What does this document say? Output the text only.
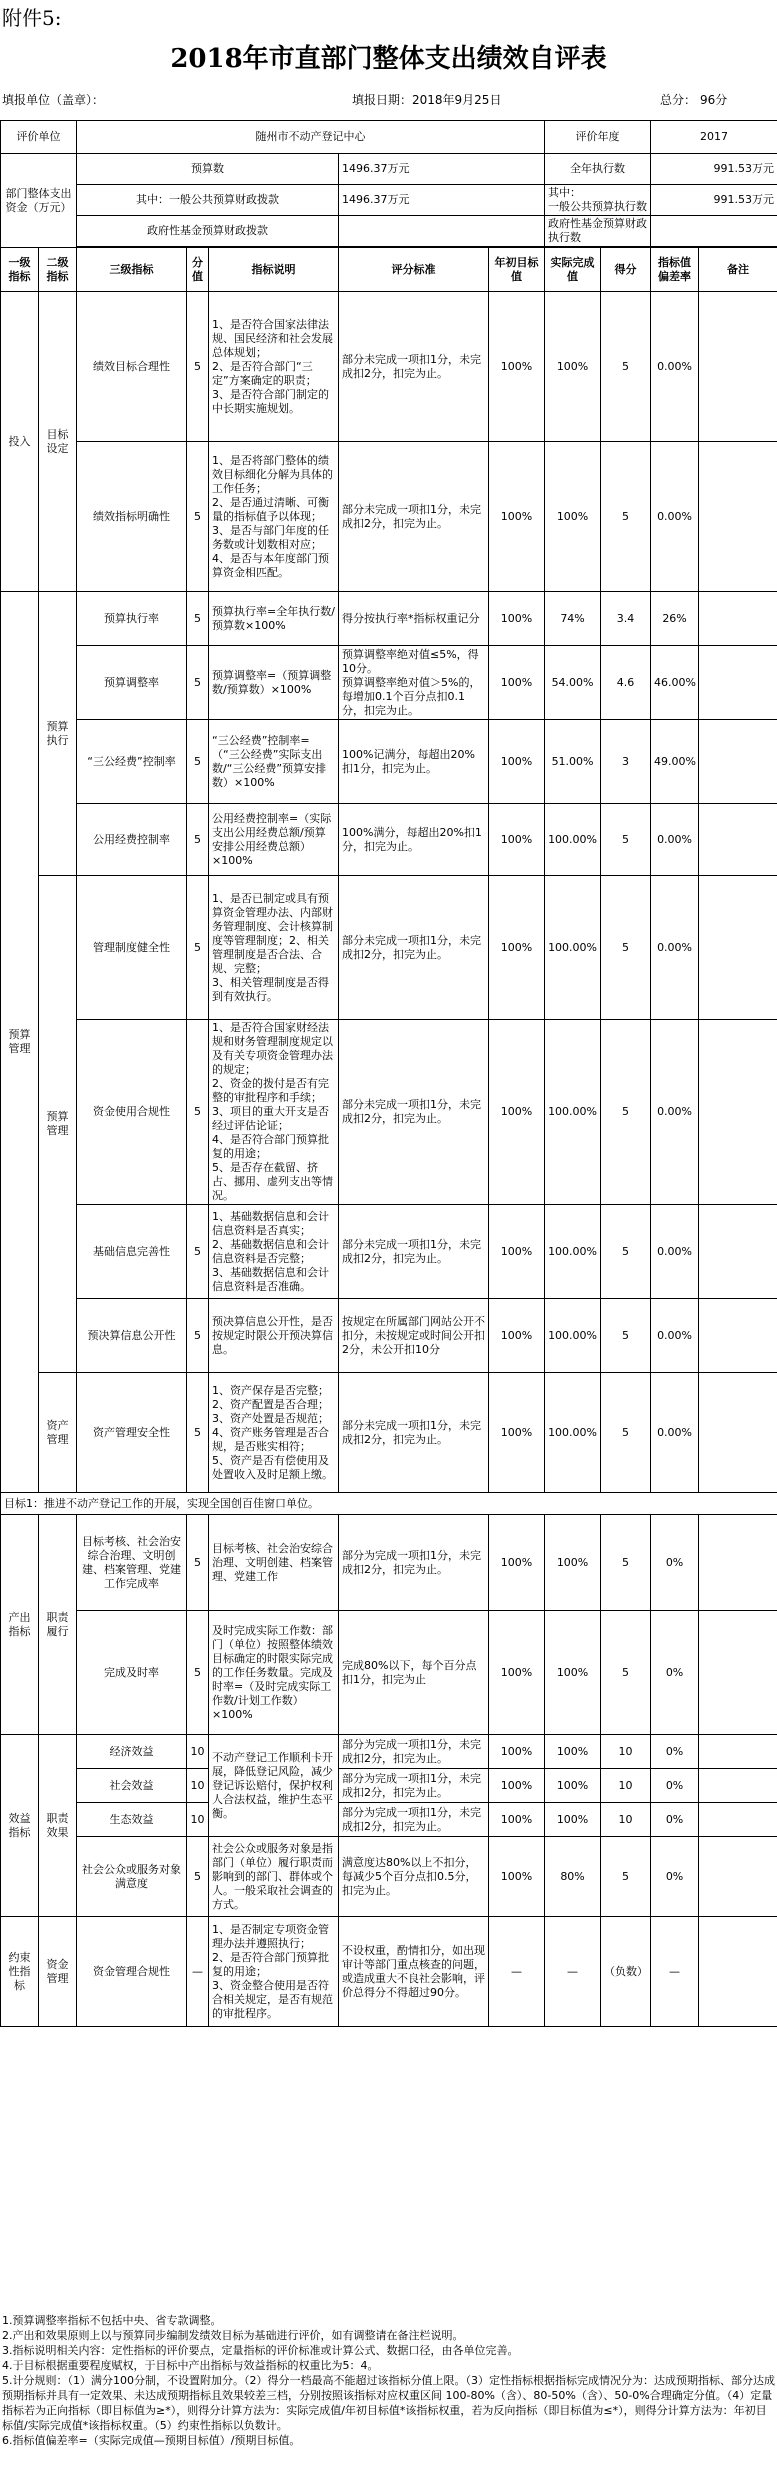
附件5:
2018年市直部门整体支出绩效自评表
填报单位（盖章）：	填报日期：2018年9月25日	总分： 96分
评价单位		随州市不动产登记中心					评价年度		2017	
部门整体支出资金（万元）		预算数			1496.37万元		全年执行数		991.53万元	
		其中：一般公共预算财政拨款			1496.37万元		其中：
一般公共预算执行数		991.53万元	
		政府性基金预算财政拨款					政府性基金预算财政执行数			

一级指标	二级指标	三级指标	分值	指标说明	评分标准	年初目标值	实际完成值	得分	指标值偏差率	备注
投入	目标设定	绩效目标合理性	5	1、是否符合国家法律法规、国民经济和社会发展总体规划；
2、是否符合部门“三定”方案确定的职责；
3、是否符合部门制定的中长期实施规划。	部分未完成一项扣1分，未完成扣2分，扣完为止。	100%	100%	5	0.00%	
		绩效指标明确性	5	1、是否将部门整体的绩效目标细化分解为具体的工作任务；
2、是否通过清晰、可衡量的指标值予以体现；
3、是否与部门年度的任务数或计划数相对应；
4、是否与本年度部门预算资金相匹配。	部分未完成一项扣1分，未完成扣2分，扣完为止。	100%	100%	5	0.00%	
预算管理	预算执行	预算执行率	5	预算执行率=全年执行数/预算数×100%	得分按执行率*指标权重记分	100%	74%	3.4	26%	
		预算调整率	5	预算调整率=（预算调整数/预算数）×100%	预算调整率绝对值≤5%，得10分。
预算调整率绝对值＞5%的，每增加0.1个百分点扣0.1分，扣完为止。	100%	54.00%	4.6	46.00%	
		“三公经费”控制率	5	“三公经费”控制率=（“三公经费”实际支出数/“三公经费”预算安排数）×100%	100%记满分，每超出20%扣1分，扣完为止。	100%	51.00%	3	49.00%	
		公用经费控制率	5	公用经费控制率=（实际支出公用经费总额/预算安排公用经费总额）×100%	100%满分，每超出20%扣1分，扣完为止。	100%	100.00%	5	0.00%	
	预算管理	管理制度健全性	5	1、是否已制定或具有预算资金管理办法、内部财务管理制度、会计核算制度等管理制度；2、相关管理制度是否合法、合规、完整；
3、相关管理制度是否得到有效执行。	部分未完成一项扣1分，未完成扣2分，扣完为止。	100%	100.00%	5	0.00%	
		资金使用合规性	5	1、是否符合国家财经法规和财务管理制度规定以及有关专项资金管理办法的规定；
2、资金的拨付是否有完整的审批程序和手续；
3、项目的重大开支是否经过评估论证；
4、是否符合部门预算批复的用途；
5、是否存在截留、挤占、挪用、虚列支出等情况。	部分未完成一项扣1分，未完成扣2分，扣完为止。	100%	100.00%	5	0.00%	
		基础信息完善性	5	1、基础数据信息和会计信息资料是否真实；
2、基础数据信息和会计信息资料是否完整；
3、基础数据信息和会计信息资料是否准确。	部分未完成一项扣1分，未完成扣2分，扣完为止。	100%	100.00%	5	0.00%	
		预决算信息公开性	5	预决算信息公开性，是否按规定时限公开预决算信息。	按规定在所属部门网站公开不扣分，未按规定或时间公开扣2分，未公开扣10分	100%	100.00%	5	0.00%	
	资产管理	资产管理安全性	5	1、资产保存是否完整；
2、资产配置是否合理；
3、资产处置是否规范；
4、资产账务管理是否合规，是否账实相符；
5、资产是否有偿使用及处置收入及时足额上缴。	部分未完成一项扣1分，未完成扣2分，扣完为止。	100%	100.00%	5	0.00%	
目标1：推进不动产登记工作的开展，实现全国创百佳窗口单位。										
产出指标	职责履行	目标考核、社会治安综合治理、文明创建、档案管理、党建工作完成率	5	目标考核、社会治安综合治理、文明创建、档案管理、党建工作	部分为完成一项扣1分，未完成扣2分，扣完为止。	100%	100%	5	0%	
		完成及时率	5	及时完成实际工作数：部门（单位）按照整体绩效目标确定的时限实际完成的工作任务数量。完成及时率=（及时完成实际工作数/计划工作数）×100%	完成80%以下，每个百分点扣1分，扣完为止	100%	100%	5	0%	
效益指标	职责效果	经济效益	10	不动产登记工作顺利卡开展，降低登记风险，减少登记诉讼赔付，保护权利人合法权益，维护生态平衡。	部分为完成一项扣1分，未完成扣2分，扣完为止。	100%	100%	10	0%	
		社会效益	10		部分为完成一项扣1分，未完成扣2分，扣完为止。	100%	100%	10	0%	
		生态效益	10		部分为完成一项扣1分，未完成扣2分，扣完为止。	100%	100%	10	0%	
		社会公众或服务对象满意度	5	社会公众或服务对象是指部门（单位）履行职责而影响到的部门、群体或个人。一般采取社会调查的方式。	满意度达80%以上不扣分，每减少5个百分点扣0.5分，扣完为止。	100%	80%	5	0%	
约束性指标	资金管理	资金管理合规性	—	1、是否制定专项资金管理办法并遵照执行；
2、是否符合部门预算批复的用途；
3、资金整合使用是否符合相关规定，是否有规范的审批程序。	不设权重，酌情扣分，如出现审计等部门重点核查的问题，或造成重大不良社会影响，评价总得分不得超过90分。	—	—	（负数）	—	
1.预算调整率指标不包括中央、省专款调整。
2.产出和效果原则上以与预算同步编制发绩效目标为基础进行评价，如有调整请在备注栏说明。
3.指标说明相关内容：定性指标的评价要点，定量指标的评价标准或计算公式、数据口径，由各单位完善。
4.于目标根据重要程度赋权，于目标中产出指标与效益指标的权重比为5：4。
5.计分规则：（1）满分100分制，不设置附加分。（2）得分一档最高不能超过该指标分值上限。（3）定性指标根据指标完成情况分为：达成预期指标、部分达成预期指标并具有一定效果、未达成预期指标且效果较差三档，分别按照该指标对应权重区间 100-80%（含）、80-50%（含）、50-0%合理确定分值。（4）定量指标若为正向指标（即目标值为≥*），则得分计算方法为：实际完成值/年初目标值*该指标权重，若为反向指标（即目标值为≤*），则得分计算方法为：年初目标值/实际完成值*该指标权重。（5）约束性指标以负数计。
6.指标值偏差率=（实际完成值—预期目标值）/预期目标值。
